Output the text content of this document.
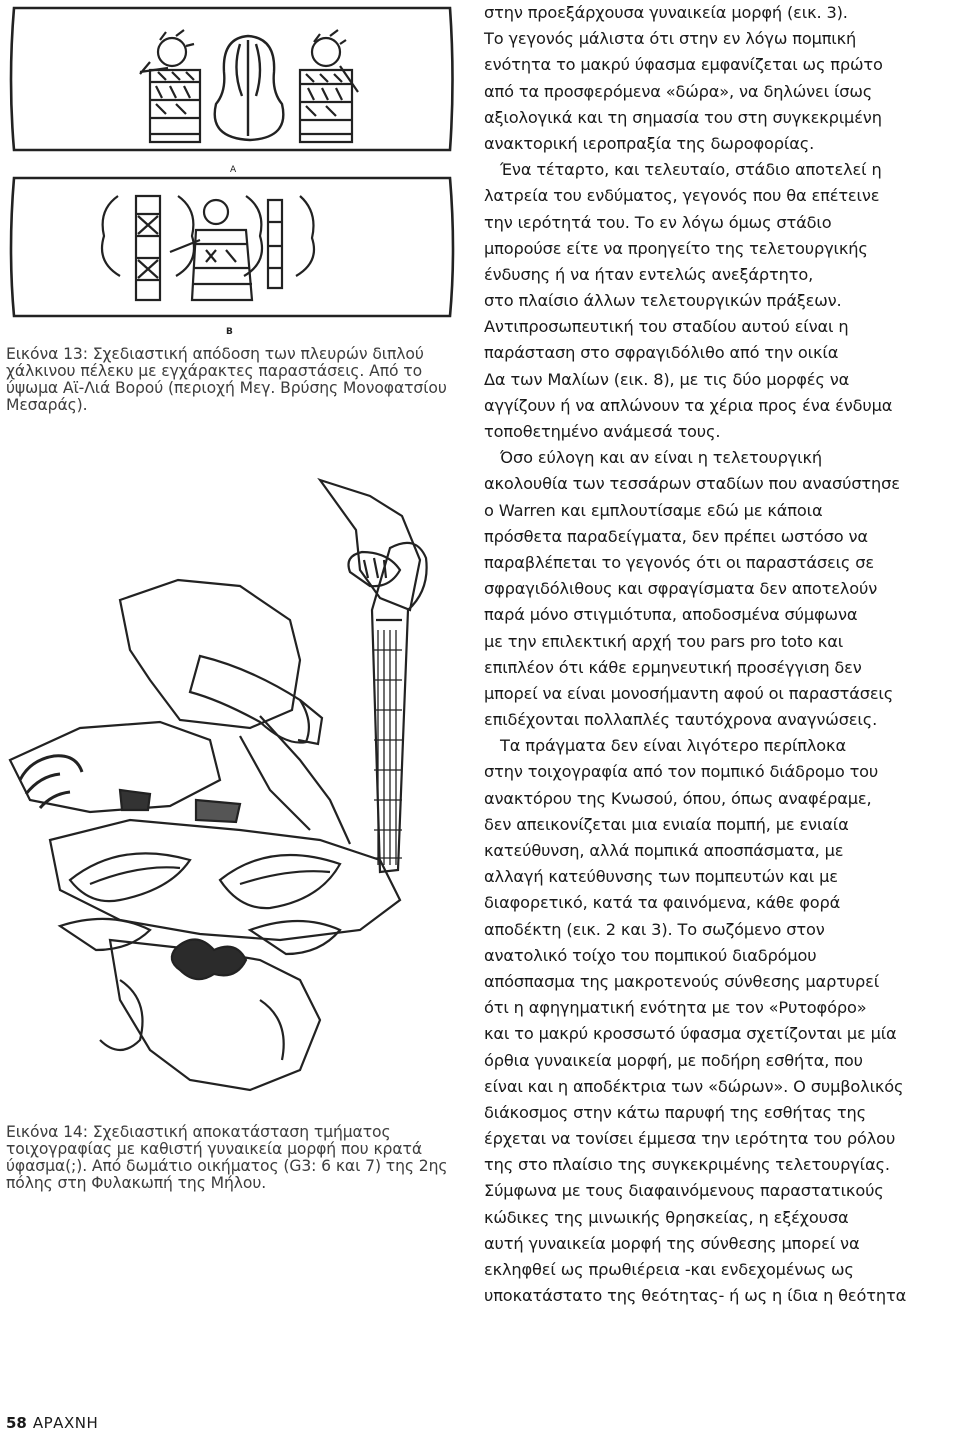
A
B
Εικόνα 13: Σχεδιαστική απόδοση των πλευρών διπλού
χάλκινου πέλεκυ με εγχάρακτες παραστάσεις. Από το
ύψωμα Αϊ-Λιά Βορού (περιοχή Μεγ. Βρύσης Μονοφατσίου
Μεσαράς).
Εικόνα 14: Σχεδιαστική αποκατάσταση τμήματος
τοιχογραφίας με καθιστή γυναικεία μορφή που κρατά
ύφασμα(;). Από δωμάτιο οικήματος (G3: 6 και 7) της 2ης
πόλης στη Φυλακωπή της Μήλου.
στην προεξάρχουσα γυναικεία μορφή (εικ. 3).
Το γεγονός μάλιστα ότι στην εν λόγω πομπική
ενότητα το μακρύ ύφασμα εμφανίζεται ως πρώτο
από τα προσφερόμενα «δώρα», να δηλώνει ίσως
αξιολογικά και τη σημασία του στη συγκεκριμένη
ανακτορική ιεροπραξία της δωροφορίας.
Ένα τέταρτο, και τελευταίο, στάδιο αποτελεί η
λατρεία του ενδύματος, γεγονός που θα επέτεινε
την ιερότητά του. Το εν λόγω όμως στάδιο
μπορούσε είτε να προηγείτο της τελετουργικής
ένδυσης ή να ήταν εντελώς ανεξάρτητο,
στο πλαίσιο άλλων τελετουργικών πράξεων.
Αντιπροσωπευτική του σταδίου αυτού είναι η
παράσταση στο σφραγιδόλιθο από την οικία
Δα των Μαλίων (εικ. 8), με τις δύο μορφές να
αγγίζουν ή να απλώνουν τα χέρια προς ένα ένδυμα
τοποθετημένο ανάμεσά τους.
Όσο εύλογη και αν είναι η τελετουργική
ακολουθία των τεσσάρων σταδίων που ανασύστησε
ο Warren και εμπλουτίσαμε εδώ με κάποια
πρόσθετα παραδείγματα, δεν πρέπει ωστόσο να
παραβλέπεται το γεγονός ότι οι παραστάσεις σε
σφραγιδόλιθους και σφραγίσματα δεν αποτελούν
παρά μόνο στιγμιότυπα, αποδοσμένα σύμφωνα
με την επιλεκτική αρχή του pars pro toto και
επιπλέον ότι κάθε ερμηνευτική προσέγγιση δεν
μπορεί να είναι μονοσήμαντη αφού οι παραστάσεις
επιδέχονται πολλαπλές ταυτόχρονα αναγνώσεις.
Τα πράγματα δεν είναι λιγότερο περίπλοκα
στην τοιχογραφία από τον πομπικό διάδρομο του
ανακτόρου της Κνωσού, όπου, όπως αναφέραμε,
δεν απεικονίζεται μια ενιαία πομπή, με ενιαία
κατεύθυνση, αλλά πομπικά αποσπάσματα, με
αλλαγή κατεύθυνσης των πομπευτών και με
διαφορετικό, κατά τα φαινόμενα, κάθε φορά
αποδέκτη (εικ. 2 και 3). Το σωζόμενο στον
ανατολικό τοίχο του πομπικού διαδρόμου
απόσπασμα της μακροτενούς σύνθεσης μαρτυρεί
ότι η αφηγηματική ενότητα με τον «Ρυτοφόρο»
και το μακρύ κροσσωτό ύφασμα σχετίζονται με μία
όρθια γυναικεία μορφή, με ποδήρη εσθήτα, που
είναι και η αποδέκτρια των «δώρων». Ο συμβολικός
διάκοσμος στην κάτω παρυφή της εσθήτας της
έρχεται να τονίσει έμμεσα την ιερότητα του ρόλου
της στο πλαίσιο της συγκεκριμένης τελετουργίας.
Σύμφωνα με τους διαφαινόμενους παραστατικούς
κώδικες της μινωικής θρησκείας, η εξέχουσα
αυτή γυναικεία μορφή της σύνθεσης μπορεί να
εκληφθεί ως πρωθιέρεια -και ενδεχομένως ως
υποκατάστατο της θεότητας- ή ως η ίδια η θεότητα
58 ΑΡΑΧΝΗ
